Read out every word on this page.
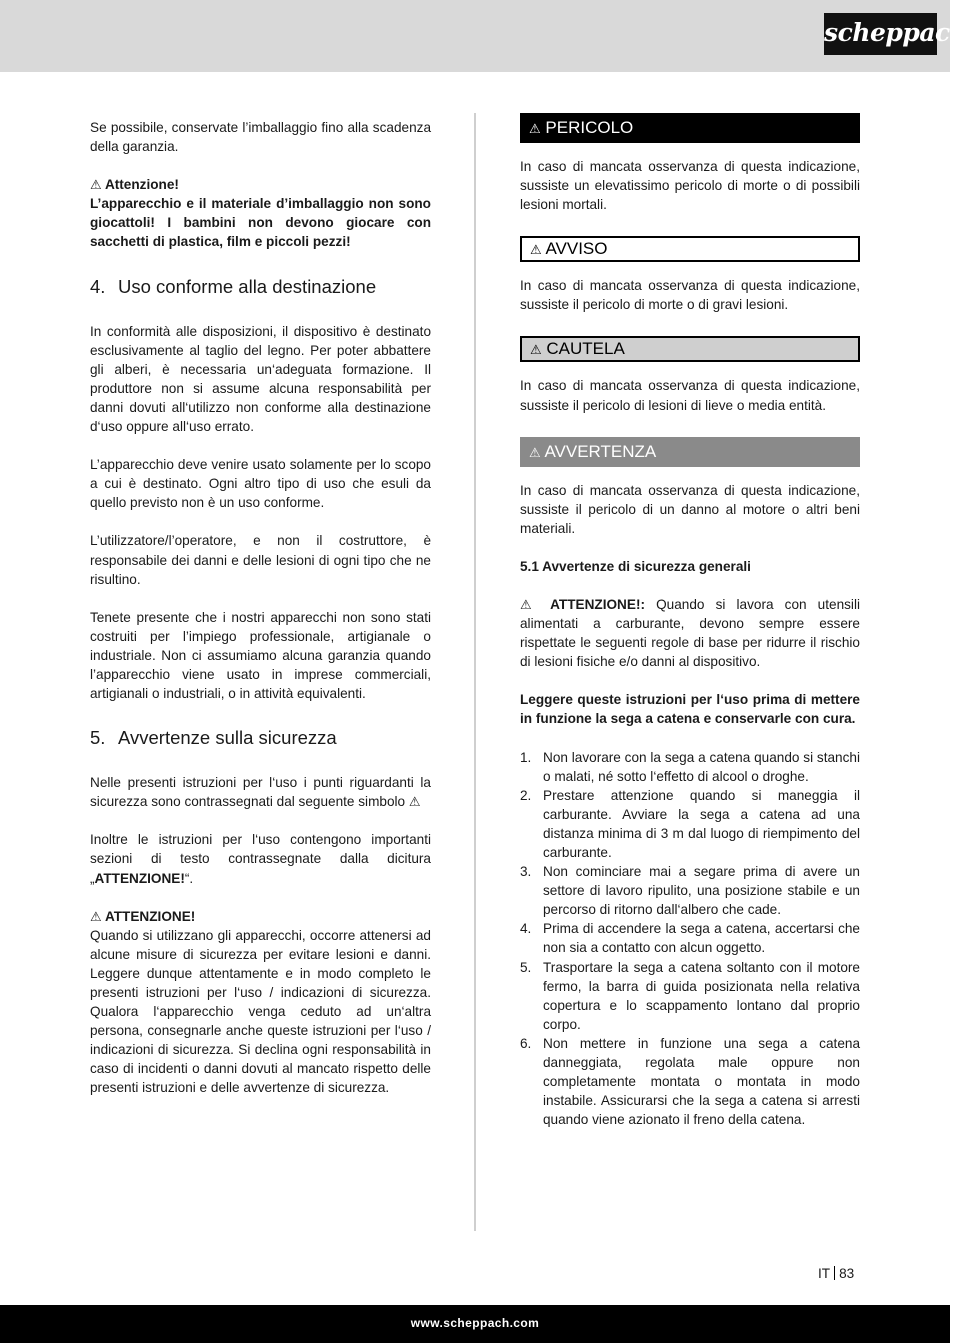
scheppach

Se possibile, conservate l’imballaggio fino alla scadenza della garanzia.

⚠ Attenzione!

L’apparecchio e il materiale d’imballaggio non sono giocattoli! I bambini non devono giocare con sacchetti di plastica, film e piccoli pezzi!

4. Uso conforme alla destinazione

In conformità alle disposizioni, il dispositivo è destinato esclusivamente al taglio del legno. Per poter abbattere gli alberi, è necessaria un‘adeguata formazione. Il produttore non si assume alcuna responsabilità per danni dovuti all‘utilizzo non conforme alla destinazione d‘uso oppure all‘uso errato.

L’apparecchio deve venire usato solamente per lo scopo a cui è destinato. Ogni altro tipo di uso che esuli da quello previsto non è un uso conforme.

L’utilizzatore/l’operatore, e non il costruttore, è responsabile dei danni e delle lesioni di ogni tipo che ne risultino.

Tenete presente che i nostri apparecchi non sono stati costruiti per l’impiego professionale, artigianale o industriale. Non ci assumiamo alcuna garanzia quando l’apparecchio viene usato in imprese commerciali, artigianali o industriali, o in attività equivalenti.

5. Avvertenze sulla sicurezza

Nelle presenti istruzioni per l‘uso i punti riguardanti la sicurezza sono contrassegnati dal seguente simbolo ⚠

Inoltre le istruzioni per l‘uso contengono importanti sezioni di testo contrassegnate dalla dicitura „ATTENZIONE!“.

⚠ ATTENZIONE!

Quando si utilizzano gli apparecchi, occorre attenersi ad alcune misure di sicurezza per evitare lesioni e danni. Leggere dunque attentamente e in modo completo le presenti istruzioni per l‘uso / indicazioni di sicurezza. Qualora l‘apparecchio venga ceduto ad un‘altra persona, consegnarle anche queste istruzioni per l‘uso / indicazioni di sicurezza. Si declina ogni responsabilità in caso di incidenti o danni dovuti al mancato rispetto delle presenti istruzioni e delle avvertenze di sicurezza.

⚠ PERICOLO

In caso di mancata osservanza di questa indicazione, sussiste un elevatissimo pericolo di morte o di possibili lesioni mortali.

⚠ AVVISO

In caso di mancata osservanza di questa indicazione, sussiste il pericolo di morte o di gravi lesioni.

⚠ CAUTELA

In caso di mancata osservanza di questa indicazione, sussiste il pericolo di lesioni di lieve o media entità.

⚠ AVVERTENZA

In caso di mancata osservanza di questa indicazione, sussiste il pericolo di un danno al motore o altri beni materiali.

5.1 Avvertenze di sicurezza generali

⚠ ATTENZIONE!: Quando si lavora con utensili alimentati a carburante, devono sempre essere rispettate le seguenti regole di base per ridurre il rischio di lesioni fisiche e/o danni al dispositivo.

Leggere queste istruzioni per l‘uso prima di mettere in funzione la sega a catena e conservarle con cura.

1. Non lavorare con la sega a catena quando si stanchi o malati, né sotto l‘effetto di alcool o droghe.

2. Prestare attenzione quando si maneggia il carburante. Avviare la sega a catena ad una distanza minima di 3 m dal luogo di riempimento del carburante.

3. Non cominciare mai a segare prima di avere un settore di lavoro ripulito, una posizione stabile e un percorso di ritorno dall‘albero che cade.

4. Prima di accendere la sega a catena, accertarsi che non sia a contatto con alcun oggetto.

5. Trasportare la sega a catena soltanto con il motore fermo, la barra di guida posizionata nella relativa copertura e lo scappamento lontano dal proprio corpo.

6. Non mettere in funzione una sega a catena danneggiata, regolata male oppure non completamente montata o montata in modo instabile. Assicurarsi che la sega a catena si arresti quando viene azionato il freno della catena.

IT 83
www.scheppach.com
